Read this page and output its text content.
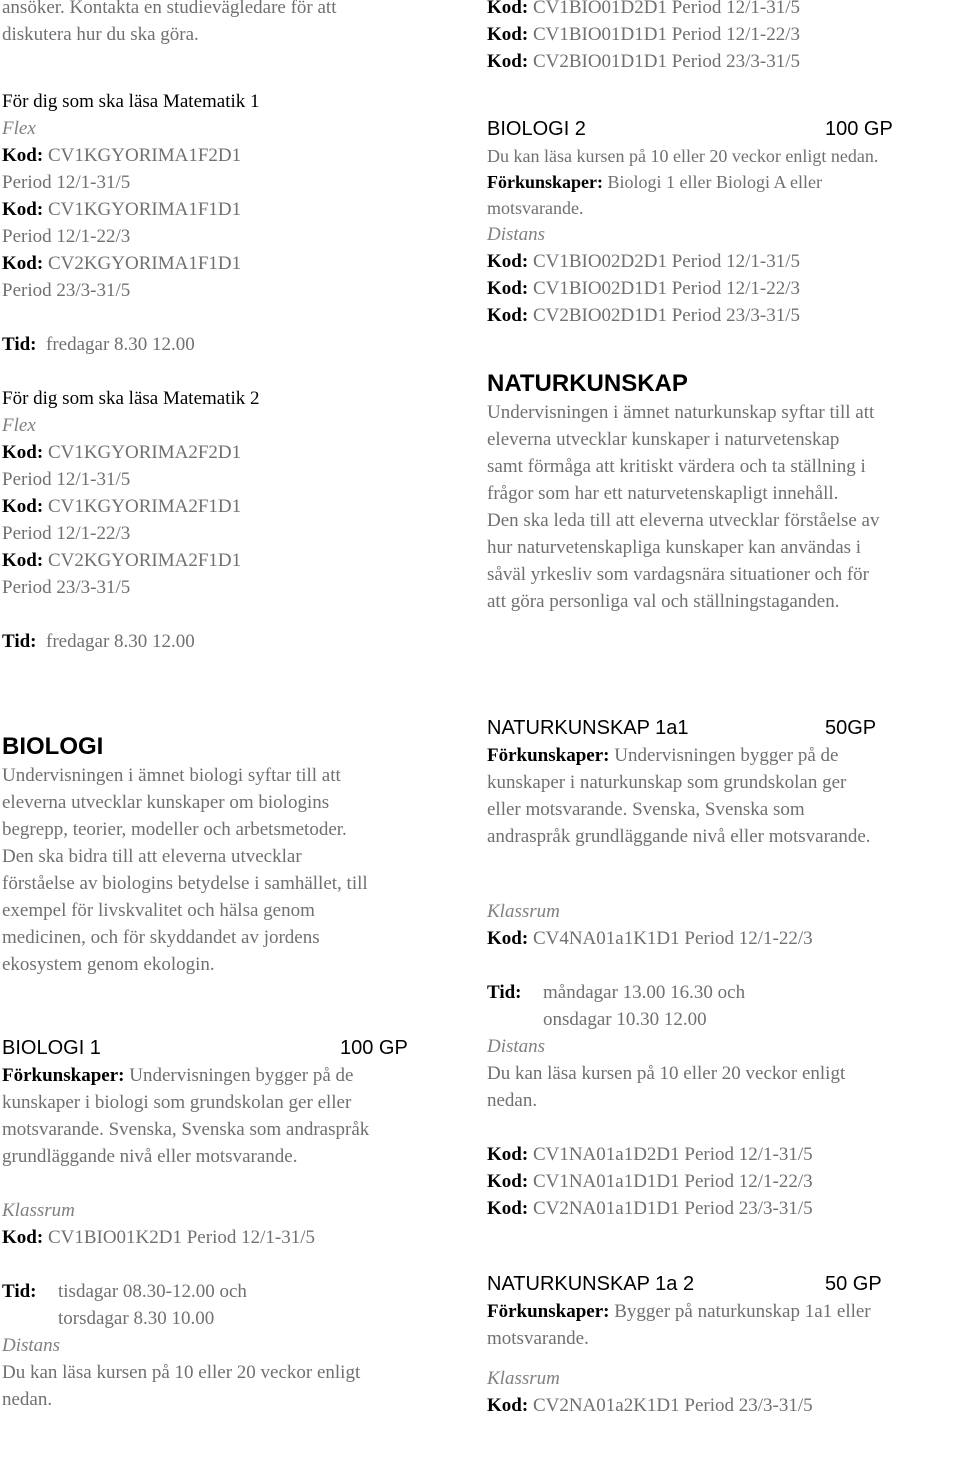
ansöker. Kontakta en studievägledare för att
diskutera hur du ska göra.
För dig som ska läsa Matematik 1
Flex
Kod: CV1KGYORIMA1F2D1
Period 12/1-31/5
Kod: CV1KGYORIMA1F1D1
Period 12/1-22/3
Kod: CV2KGYORIMA1F1D1
Period 23/3-31/5
Tid: fredagar 8.30 12.00
För dig som ska läsa Matematik 2
Flex
Kod: CV1KGYORIMA2F2D1
Period 12/1-31/5
Kod: CV1KGYORIMA2F1D1
Period 12/1-22/3
Kod: CV2KGYORIMA2F1D1
Period 23/3-31/5
Tid: fredagar 8.30 12.00
Kod: CV1BIO01D2D1 Period 12/1-31/5
Kod: CV1BIO01D1D1 Period 12/1-22/3
Kod: CV2BIO01D1D1 Period 23/3-31/5
BIOLOGI 2	100 GP
Du kan läsa kursen på 10 eller 20 veckor enligt nedan.
Förkunskaper: Biologi 1 eller Biologi A eller
motsvarande.
Distans
Kod: CV1BIO02D2D1 Period 12/1-31/5
Kod: CV1BIO02D1D1 Period 12/1-22/3
Kod: CV2BIO02D1D1 Period 23/3-31/5
NATURKUNSKAP
Undervisningen i ämnet naturkunskap syftar till att
eleverna utvecklar kunskaper i naturvetenskap
samt förmåga att kritiskt värdera och ta ställning i
frågor som har ett naturvetenskapligt innehåll.
Den ska leda till att eleverna utvecklar förståelse av
hur naturvetenskapliga kunskaper kan användas i
såväl yrkesliv som vardagsnära situationer och för
att göra personliga val och ställningstaganden.
BIOLOGI
Undervisningen i ämnet biologi syftar till att
eleverna utvecklar kunskaper om biologins
begrepp, teorier, modeller och arbetsmetoder.
Den ska bidra till att eleverna utvecklar
förståelse av biologins betydelse i samhället, till
exempel för livskvalitet och hälsa genom
medicinen, och för skyddandet av jordens
ekosystem genom ekologin.
BIOLOGI 1	100 GP
Förkunskaper: Undervisningen bygger på de
kunskaper i biologi som grundskolan ger eller
motsvarande. Svenska, Svenska som andraspråk
grundläggande nivå eller motsvarande.
Klassrum
Kod: CV1BIO01K2D1 Period 12/1-31/5
Tid:	tisdagar 08.30-12.00 och
torsdagar 8.30 10.00
Distans
Du kan läsa kursen på 10 eller 20 veckor enligt
nedan.
NATURKUNSKAP 1a1	50GP
Förkunskaper: Undervisningen bygger på de
kunskaper i naturkunskap som grundskolan ger
eller motsvarande. Svenska, Svenska som
andraspråk grundläggande nivå eller motsvarande.
Klassrum
Kod: CV4NA01a1K1D1 Period 12/1-22/3
Tid:	måndagar 13.00 16.30 och
onsdagar 10.30 12.00
Distans
Du kan läsa kursen på 10 eller 20 veckor enligt
nedan.
Kod: CV1NA01a1D2D1 Period 12/1-31/5
Kod: CV1NA01a1D1D1 Period 12/1-22/3
Kod: CV2NA01a1D1D1 Period 23/3-31/5
NATURKUNSKAP 1a 2	50 GP
Förkunskaper: Bygger på naturkunskap 1a1 eller
motsvarande.
Klassrum
Kod: CV2NA01a2K1D1 Period 23/3-31/5
